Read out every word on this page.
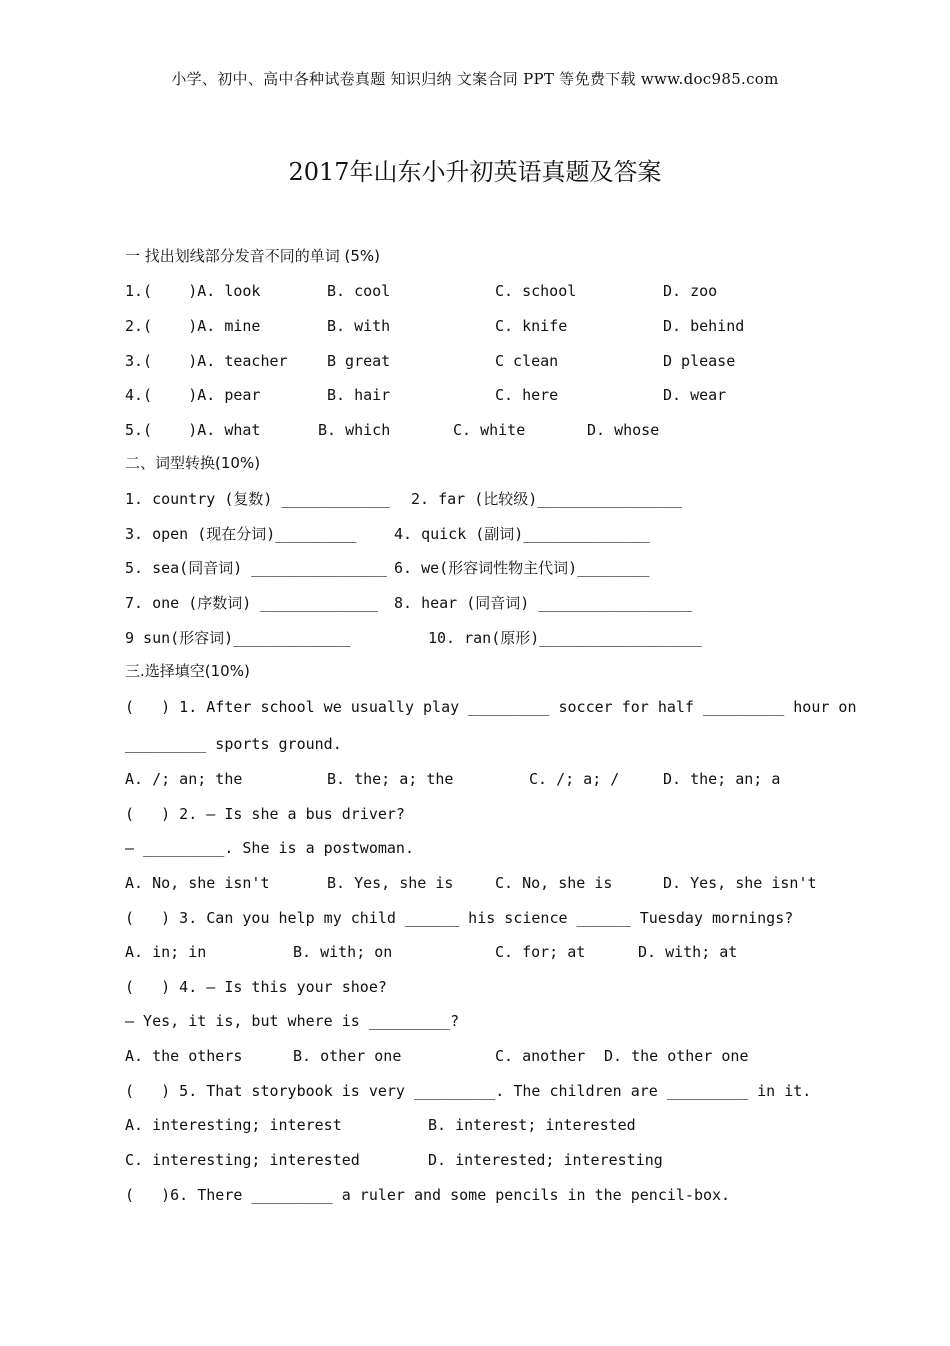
小学、初中、高中各种试卷真题 知识归纳 文案合同 PPT 等免费下载 www.doc985.com
2017年山东小升初英语真题及答案
一 找出划线部分发音不同的单词 (5%)

1.(    )A. look

	B. cool

	C. school

	D. zoo

2.(    )A. mine

	B. with

	C. knife

	D. behind

3.(    )A. teacher

	B great

	C clean

	D please

4.(    )A. pear

	B. hair

	C. here

	D. wear

5.(    )A. what

	B. which

	C. white

	D. whose

二、词型转换(10%)

1. country (复数) ____________

2. far (比较级)________________

3. open (现在分词)_________

4. quick (副词)______________

5. sea(同音词) _______________

6. we(形容词性物主代词)________

7. one (序数词) _____________

8. hear (同音词) _________________

9 sun(形容词)_____________

	10. ran(原形)__________________

三.选择填空(10%)
(   ) 1. After school we usually play _________ soccer for half _________ hour on
_________ sports ground.

A. /; an; the

	B. the; a; the

	C. /; a; /

	D. the; an; a

(   ) 2. — Is she a bus driver?
— _________. She is a postwoman.

A. No, she isn't

	B. Yes, she is

	C. No, she is

	D. Yes, she isn't

(   ) 3. Can you help my child ______ his science ______ Tuesday mornings?

A. in; in

	B. with; on

	C. for; at

	D. with; at

(   ) 4. — Is this your shoe?
— Yes, it is, but where is _________?

A. the others

	B. other one

	C. another

D. the other one

(   ) 5. That storybook is very _________. The children are _________ in it.

A. interesting; interest

	B. interest; interested

C. interesting; interested

	D. interested; interesting

(   )6. There _________ a ruler and some pencils in the pencil-box.
